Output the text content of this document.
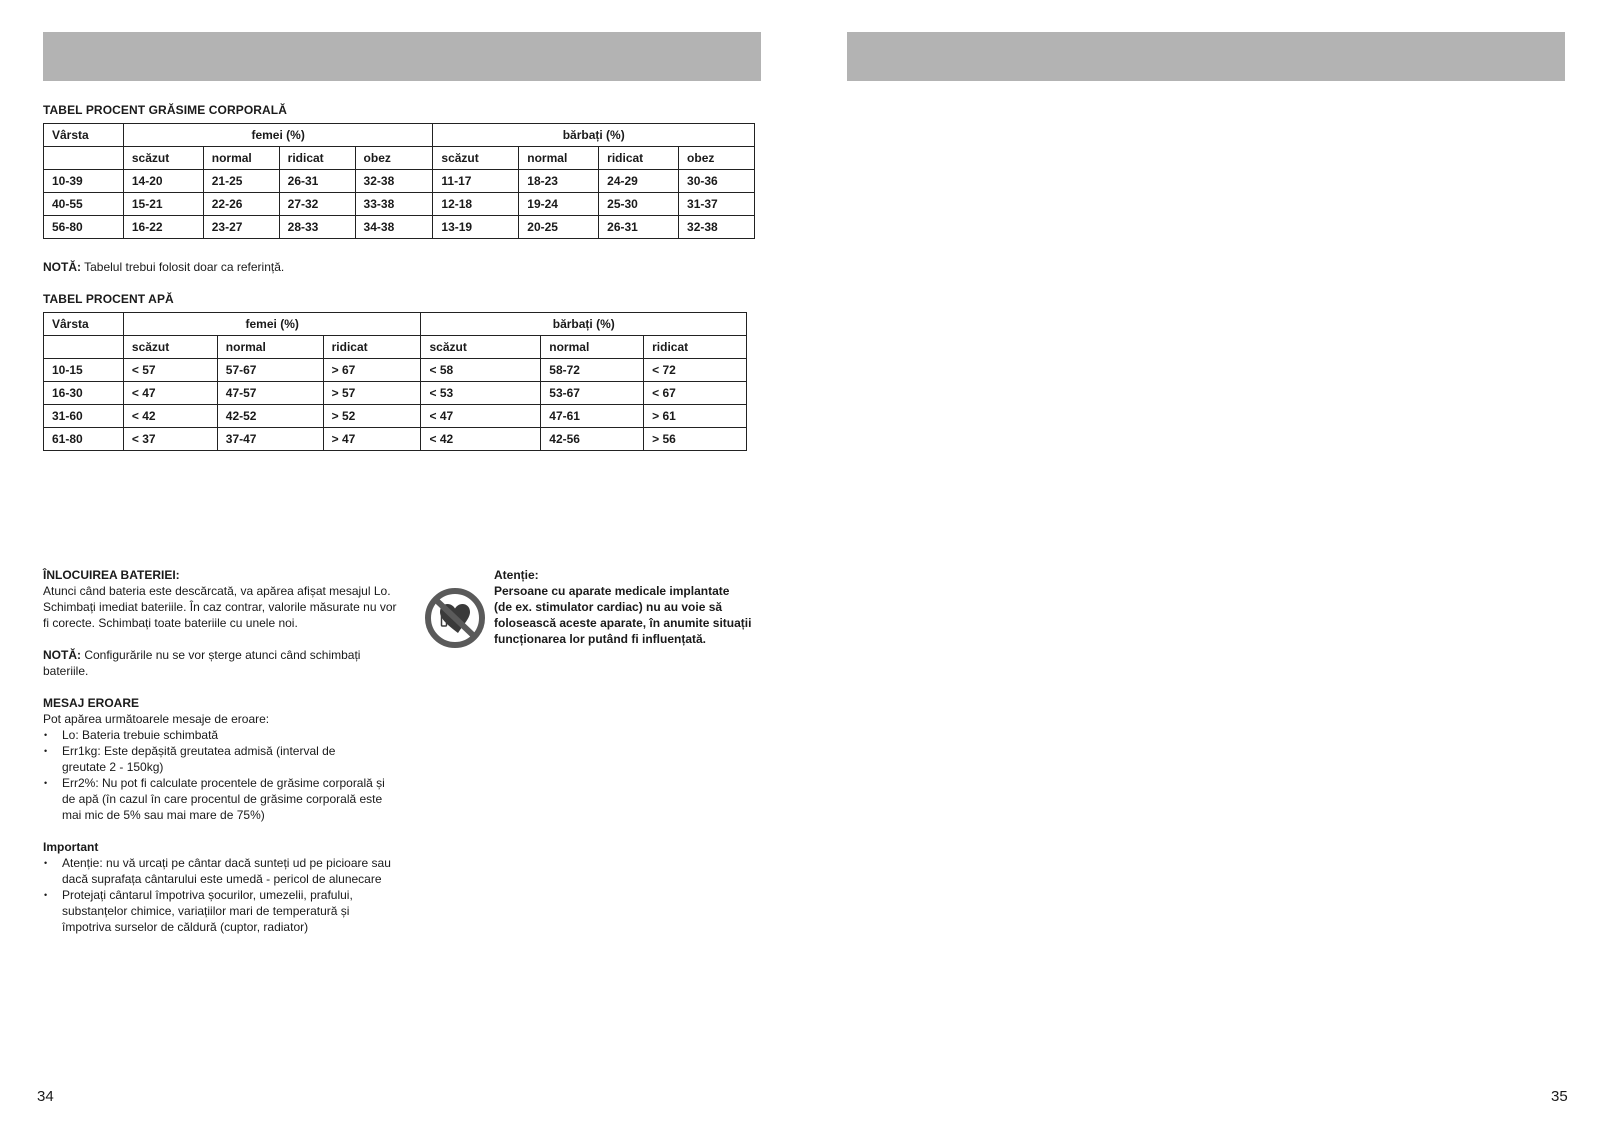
TABEL PROCENT GRĂSIME CORPORALĂ
Vârsta	femei (%)				bărbați (%)			
	scăzut	normal	ridicat	obez	scăzut	normal	ridicat	obez
10-39	14-20	21-25	26-31	32-38	11-17	18-23	24-29	30-36
40-55	15-21	22-26	27-32	33-38	12-18	19-24	25-30	31-37
56-80	16-22	23-27	28-33	34-38	13-19	20-25	26-31	32-38
NOTĂ: Tabelul trebui folosit doar ca referință.
TABEL PROCENT APĂ
Vârsta	femei (%)			bărbați (%)		
	scăzut	normal	ridicat	scăzut	normal	ridicat
10-15	< 57	57-67	> 67	< 58	58-72	< 72
16-30	< 47	47-57	> 57	< 53	53-67	< 67
31-60	< 42	42-52	> 52	< 47	47-61	> 61
61-80	< 37	37-47	> 47	< 42	42-56	> 56

ÎNLOCUIREA BATERIEI:

Atunci când bateria este descărcată, va apărea afișat mesajul Lo.

Schimbați imediat bateriile. În caz contrar, valorile măsurate nu vor

fi corecte. Schimbați toate bateriile cu unele noi.

NOTĂ: Configurările nu se vor șterge atunci când schimbați

bateriile.

MESAJ EROARE

Pot apărea următoarele mesaje de eroare:

• Lo: Bateria trebuie schimbată
• Err1kg: Este depășită greutatea admisă (interval de
greutate 2 - 150kg)
• Err2%: Nu pot fi calculate procentele de grăsime corporală și
de apă (în cazul în care procentul de grăsime corporală este
mai mic de 5% sau mai mare de 75%)

Important

• Atenție: nu vă urcați pe cântar dacă sunteți ud pe picioare sau
dacă suprafața cântarului este umedă - pericol de alunecare
• Protejați cântarul împotriva șocurilor, umezelii, prafului,
substanțelor chimice, variațiilor mari de temperatură și
împotriva surselor de căldură (cuptor, radiator)

Atenție:

Persoane cu aparate medicale implantate

(de ex. stimulator cardiac) nu au voie să

folosească aceste aparate, în anumite situații

funcționarea lor putând fi influențată.

34	35
